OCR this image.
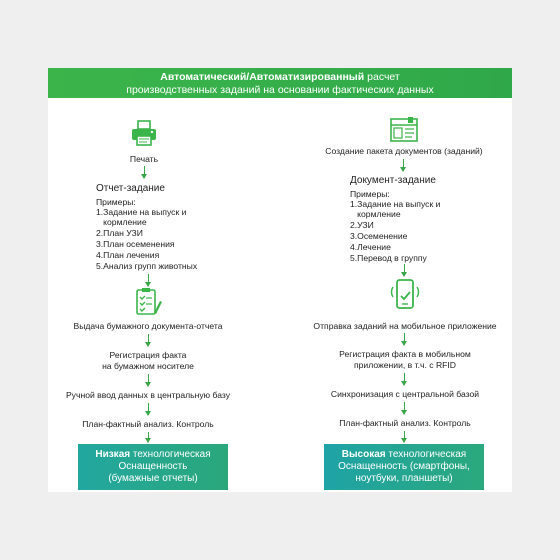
Автоматический/Автоматизированный расчет
производственных заданий на основании фактических данных
Печать
Отчет-задание
Примеры:
1.Задание на выпуск и
кормление
2.План УЗИ
3.План осеменения
4.План лечения
5.Анализ групп животных
Выдача бумажного документа-отчета
Регистрация факта
на бумажном носителе
Ручной ввод данных в центральную базу
План-фактный анализ. Контроль
Низкая технологическая
Оснащенность
(бумажные отчеты)
Создание пакета документов (заданий)
Документ-задание
Примеры:
1.Задание на выпуск и
кормление
2.УЗИ
3.Осеменение
4.Лечение
5.Перевод в группу
Отправка заданий на мобильное приложение
Регистрация факта в мобильном
приложении, в т.ч. с RFID
Синхронизация с центральной базой
План-фактный анализ. Контроль
Высокая технологическая
Оснащенность (смартфоны,
ноутбуки, планшеты)
